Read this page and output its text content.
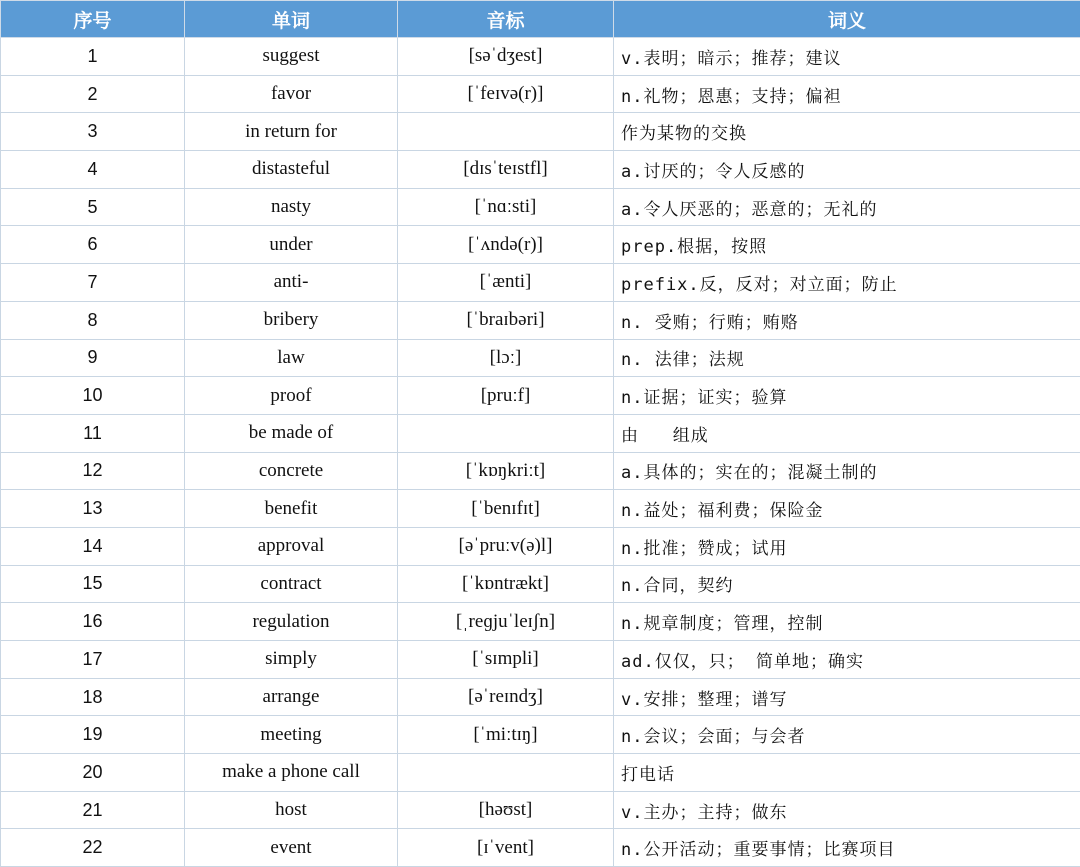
序号	单词	音标	词义
1	suggest	[səˈdʒest]	v.表明；暗示；推荐；建议
2	favor	[ˈfeɪvə(r)]	n.礼物；恩惠；支持；偏袒
3	in return for		作为某物的交换
4	distasteful	[dɪsˈteɪstfl]	a.讨厌的；令人反感的
5	nasty	[ˈnɑːsti]	a.令人厌恶的；恶意的；无礼的
6	under	[ˈʌndə(r)]	prep.根据，按照
7	anti-	[ˈænti]	prefix.反，反对；对立面；防止
8	bribery	[ˈbraɪbəri]	n. 受贿；行贿；贿赂
9	law	[lɔː]	n. 法律；法规
10	proof	[pruːf]	n.证据；证实；验算
11	be made of		由   组成
12	concrete	[ˈkɒŋkriːt]	a.具体的；实在的；混凝土制的
13	benefit	[ˈbenɪfɪt]	n.益处；福利费；保险金
14	approval	[əˈpruːv(ə)l]	n.批准；赞成；试用
15	contract	[ˈkɒntrækt]	n.合同，契约
16	regulation	[ˌreɡjuˈleɪʃn]	n.规章制度；管理，控制
17	simply	[ˈsɪmpli]	ad.仅仅，只； 简单地；确实
18	arrange	[əˈreɪndʒ]	v.安排；整理；谱写
19	meeting	[ˈmiːtɪŋ]	n.会议；会面；与会者
20	make a phone call		打电话
21	host	[həʊst]	v.主办；主持；做东
22	event	[ɪˈvent]	n.公开活动；重要事情；比赛项目
